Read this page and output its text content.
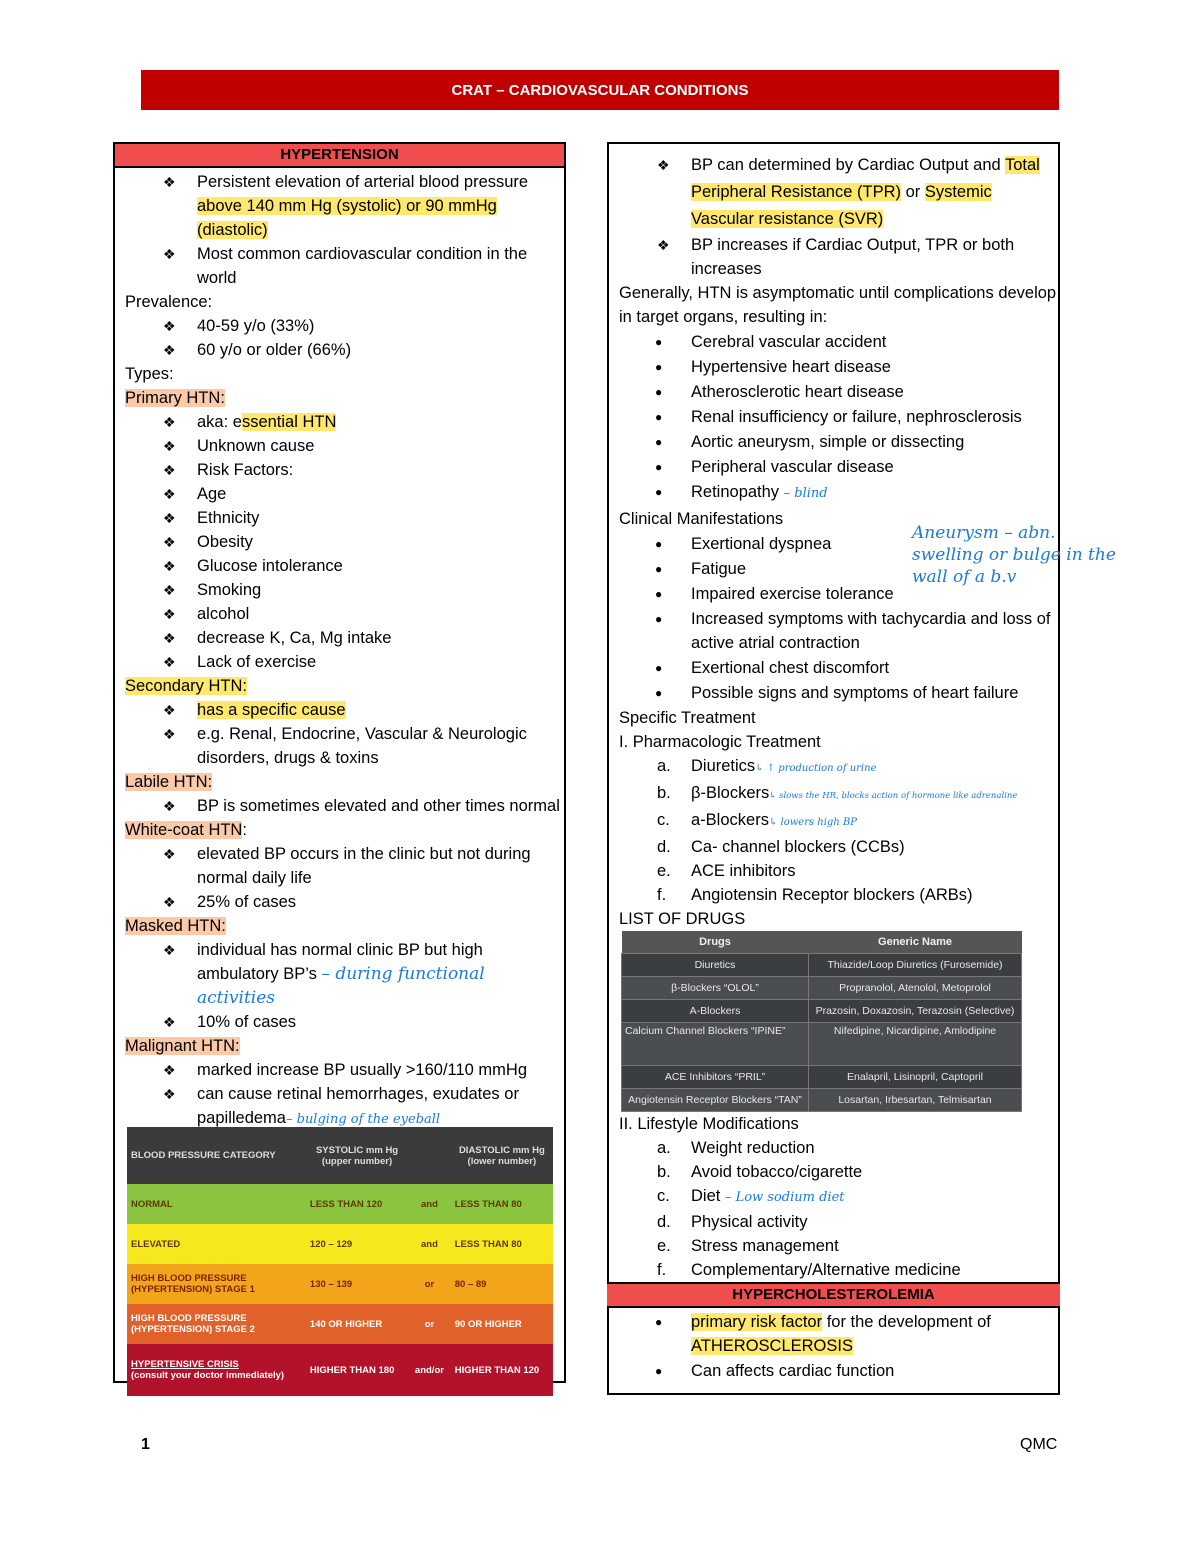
CRAT – CARDIOVASCULAR CONDITIONS
HYPERTENSION
❖ Persistent elevation of arterial blood pressure above 140 mm Hg (systolic) or 90 mmHg (diastolic)
❖ Most common cardiovascular condition in the world
Prevalence:
❖ 40-59 y/o (33%)
❖ 60 y/o or older (66%)
Types:
Primary HTN:
❖ aka: essential HTN
❖ Unknown cause
❖ Risk Factors:
❖ Age
❖ Ethnicity
❖ Obesity
❖ Glucose intolerance
❖ Smoking
❖ alcohol
❖ decrease K, Ca, Mg intake
❖ Lack of exercise
Secondary HTN:
❖ has a specific cause
❖ e.g. Renal, Endocrine, Vascular & Neurologic disorders, drugs & toxins
Labile HTN:
❖ BP is sometimes elevated and other times normal
White-coat HTN:
❖ elevated BP occurs in the clinic but not during normal daily life
❖ 25% of cases
Masked HTN:
❖ individual has normal clinic BP but high ambulatory BP’s – during functional activities
❖ 10% of cases
Malignant HTN:
❖ marked increase BP usually >160/110 mmHg
❖ can cause retinal hemorrhages, exudates or papilledema– bulging of the eyeball
BLOOD PRESSURE CATEGORY	SYSTOLIC mm Hg (upper number)		DIASTOLIC mm Hg (lower number)
NORMAL	LESS THAN 120	and	LESS THAN 80
ELEVATED	120 – 129	and	LESS THAN 80
HIGH BLOOD PRESSURE (HYPERTENSION) STAGE 1	130 – 139	or	80 – 89
HIGH BLOOD PRESSURE (HYPERTENSION) STAGE 2	140 OR HIGHER	or	90 OR HIGHER
HYPERTENSIVE CRISIS
(consult your doctor immediately)	HIGHER THAN 180	and/or	HIGHER THAN 120
❖ BP can determined by Cardiac Output and Total Peripheral Resistance (TPR) or Systemic Vascular resistance (SVR)
❖ BP increases if Cardiac Output, TPR or both increases
Generally, HTN is asymptomatic until complications develop in target organs, resulting in:
● Cerebral vascular accident
● Hypertensive heart disease
● Atherosclerotic heart disease
● Renal insufficiency or failure, nephrosclerosis
● Aortic aneurysm, simple or dissecting
● Peripheral vascular disease
● Retinopathy – blind
Clinical Manifestations
● Exertional dyspnea
● Fatigue
● Impaired exercise tolerance
● Increased symptoms with tachycardia and loss of active atrial contraction
● Exertional chest discomfort
● Possible signs and symptoms of heart failure
Specific Treatment
I. Pharmacologic Treatment
a. Diuretics↳ ↑ production of urine
b. β-Blockers↳ slows the HR, blocks action of hormone like adrenaline
c. a-Blockers↳ lowers high BP
d. Ca- channel blockers (CCBs)
e. ACE inhibitors
f. Angiotensin Receptor blockers (ARBs)
LIST OF DRUGS
Drugs	Generic Name
Diuretics	Thiazide/Loop Diuretics (Furosemide)
β-Blockers “OLOL”	Propranolol, Atenolol, Metoprolol
A-Blockers	Prazosin, Doxazosin, Terazosin (Selective)
Calcium Channel Blockers “IPINE”	Nifedipine, Nicardipine, Amlodipine
ACE Inhibitors “PRIL”	Enalapril, Lisinopril, Captopril
Angiotensin Receptor Blockers “TAN”	Losartan, Irbesartan, Telmisartan
II. Lifestyle Modifications
a. Weight reduction
b. Avoid tobacco/cigarette
c. Diet – Low sodium diet
d. Physical activity
e. Stress management
f. Complementary/Alternative medicine
HYPERCHOLESTEROLEMIA
● primary risk factor for the development of ATHEROSCLEROSIS
● Can affects cardiac function
Aneurysm – abn. swelling or bulge in the wall of a b.v
1	QMC
